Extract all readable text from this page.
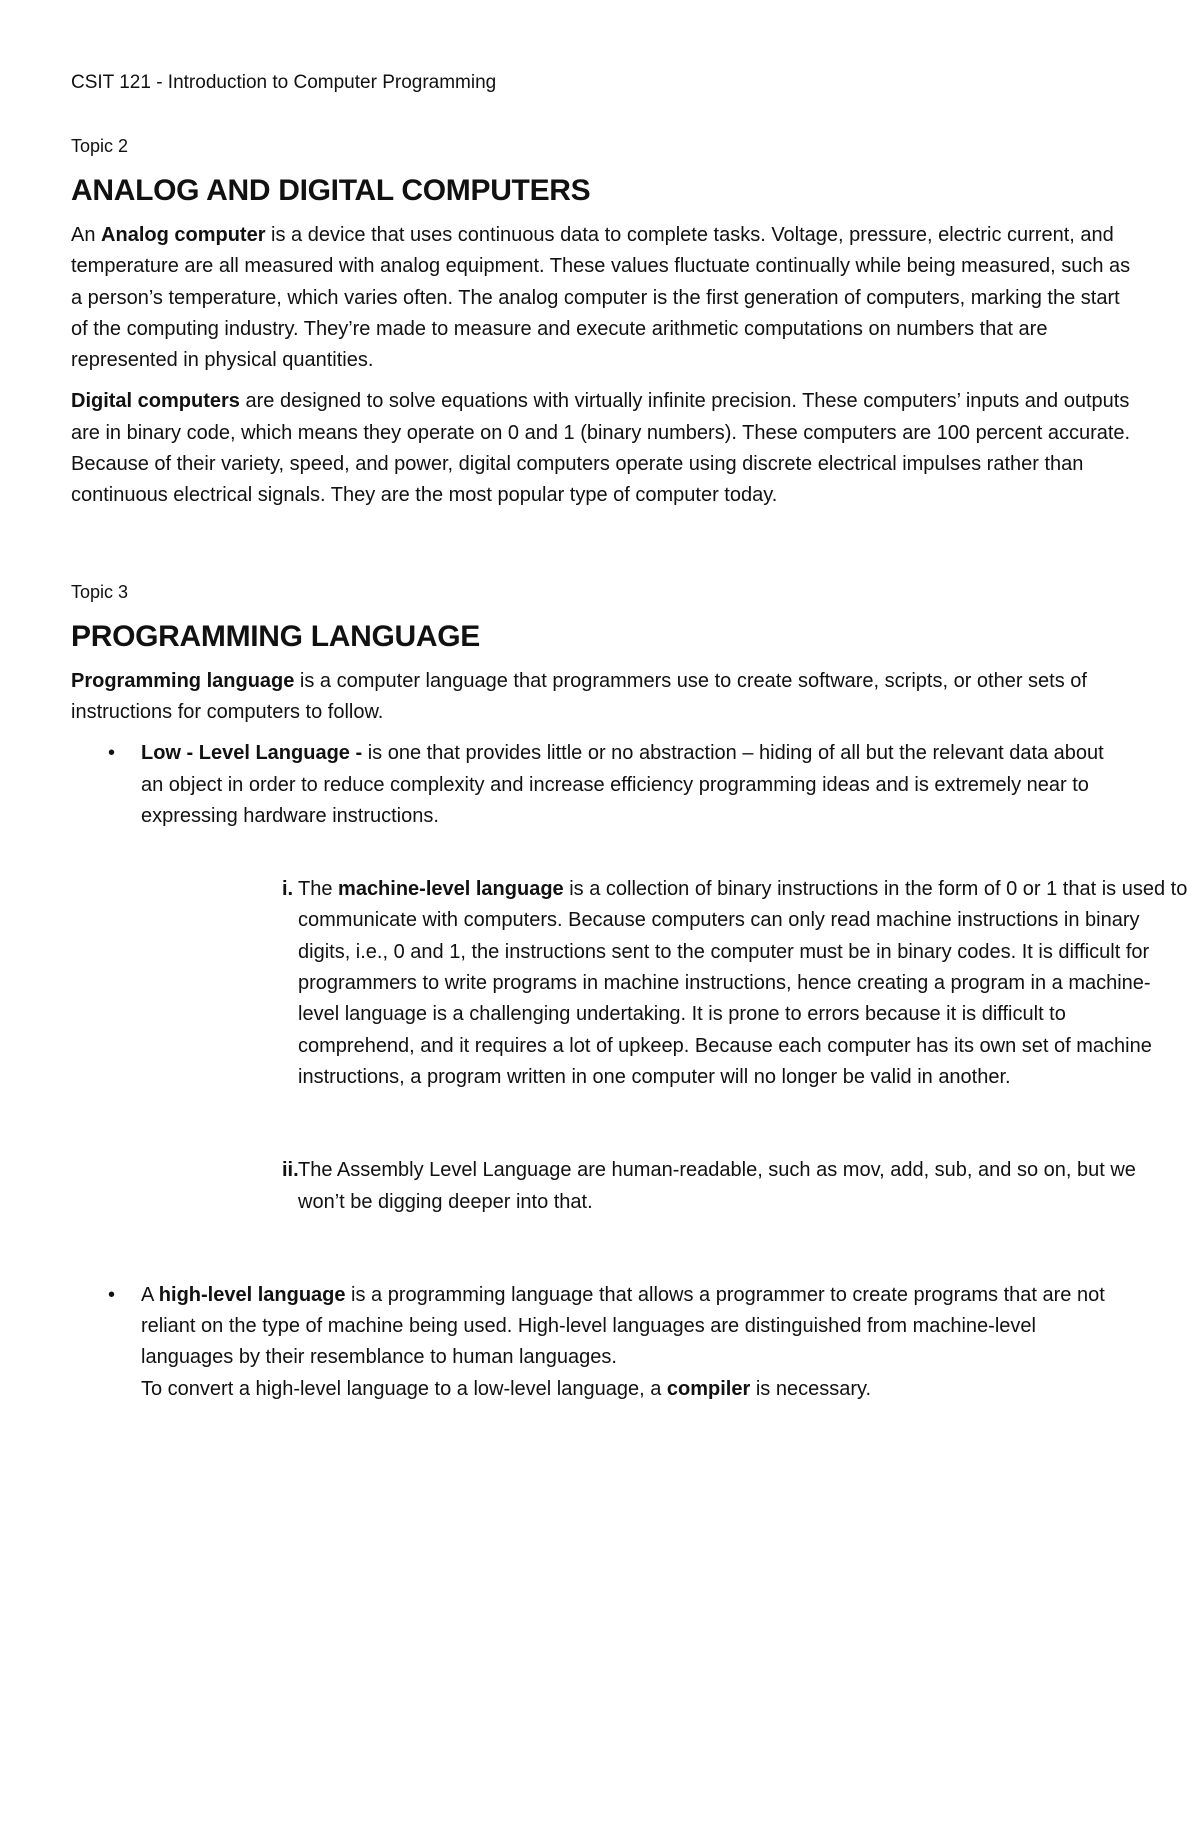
CSIT 121 - Introduction to Computer Programming
Topic 2
ANALOG AND DIGITAL COMPUTERS

An Analog computer is a device that uses continuous data to complete tasks. Voltage, pressure, electric current, and temperature are all measured with analog equipment. These values fluctuate continually while being measured, such as a person’s temperature, which varies often. The analog computer is the first generation of computers, marking the start of the computing industry. They’re made to measure and execute arithmetic computations on numbers that are represented in physical quantities.

Digital computers are designed to solve equations with virtually infinite precision. These computers’ inputs and outputs are in binary code, which means they operate on 0 and 1 (binary numbers). These computers are 100 percent accurate. Because of their variety, speed, and power, digital computers operate using discrete electrical impulses rather than continuous electrical signals. They are the most popular type of computer today.

Topic 3
PROGRAMMING LANGUAGE

Programming language is a computer language that programmers use to create software, scripts, or other sets of instructions for computers to follow.

• Low - Level Language - is one that provides little or no abstraction – hiding of all but the relevant data about an object in order to reduce complexity and increase efficiency programming ideas and is extremely near to expressing hardware instructions.
i. The machine-level language is a collection of binary instructions in the form of 0 or 1 that is used to communicate with computers. Because computers can only read machine instructions in binary digits, i.e., 0 and 1, the instructions sent to the computer must be in binary codes. It is difficult for programmers to write programs in machine instructions, hence creating a program in a machine-level language is a challenging undertaking. It is prone to errors because it is difficult to comprehend, and it requires a lot of upkeep. Because each computer has its own set of machine instructions, a program written in one computer will no longer be valid in another.
ii. The Assembly Level Language are human-readable, such as mov, add, sub, and so on, but we won’t be digging deeper into that.
• A high-level language is a programming language that allows a programmer to create programs that are not reliant on the type of machine being used. High-level languages are distinguished from machine-level languages by their resemblance to human languages.
To convert a high-level language to a low-level language, a compiler is necessary.
